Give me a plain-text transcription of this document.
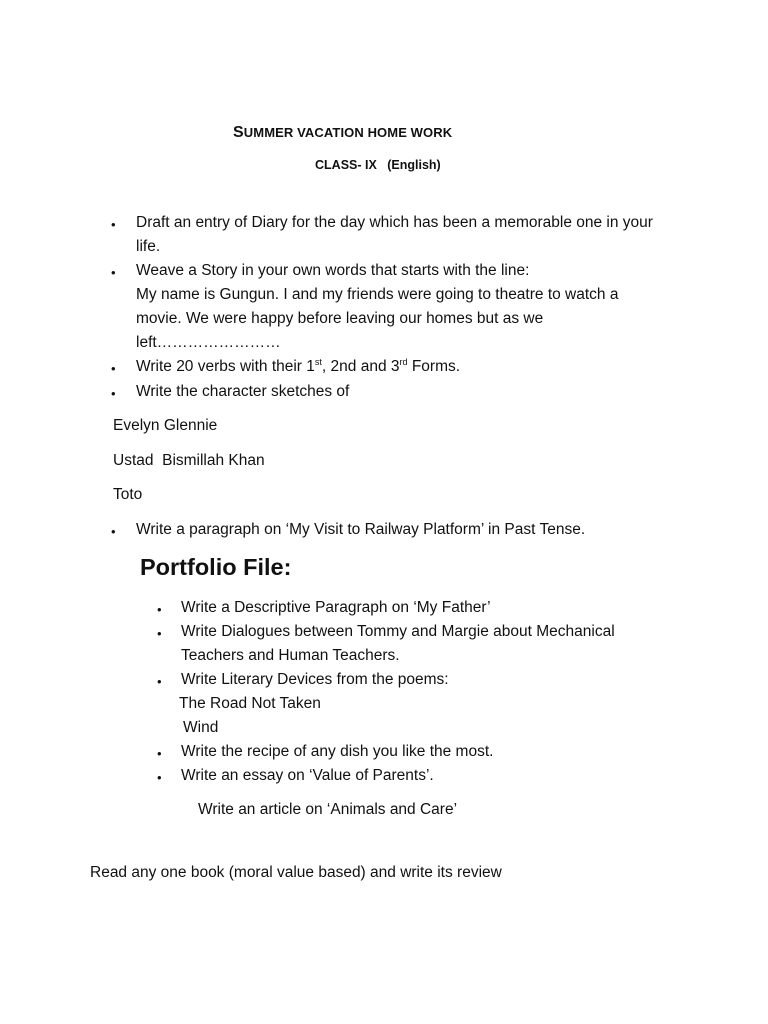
SUMMER VACATION HOME WORK

CLASS- IX   (English)

• Draft an entry of Diary for the day which has been a memorable one in your

life.

• Weave a Story in your own words that starts with the line:

My name is Gungun. I and my friends were going to theatre to watch a

movie. We were happy before leaving our homes but as we

left……………………

• Write 20 verbs with their 1st, 2nd and 3rd Forms.

• Write the character sketches of

Evelyn Glennie

Ustad  Bismillah Khan

Toto

• Write a paragraph on ‘My Visit to Railway Platform’ in Past Tense.

Portfolio File:

• Write a Descriptive Paragraph on ‘My Father’

• Write Dialogues between Tommy and Margie about Mechanical

Teachers and Human Teachers.

• Write Literary Devices from the poems:

The Road Not Taken

Wind

• Write the recipe of any dish you like the most.

• Write an essay on ‘Value of Parents’.

Write an article on ‘Animals and Care’

Read any one book (moral value based) and write its review
